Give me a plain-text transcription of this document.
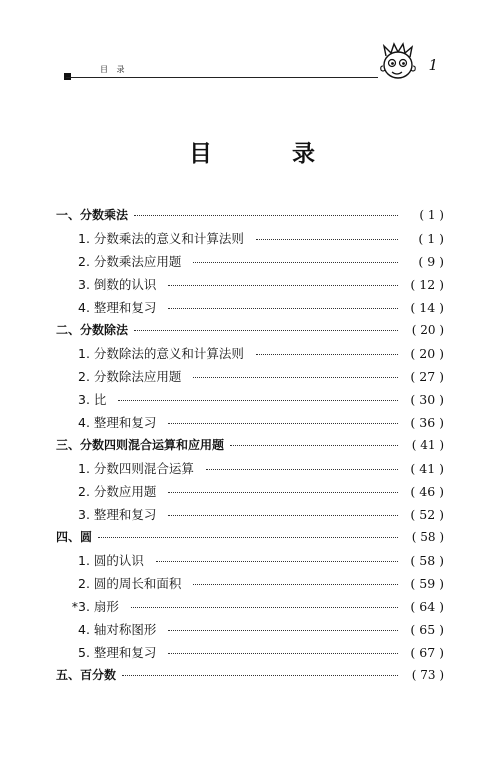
目 录	1
目 录
一、分数乘法	( 1 )
1. 分数乘法的意义和计算法则	( 1 )
2. 分数乘法应用题	( 9 )
3. 倒数的认识	( 12 )
4. 整理和复习	( 14 )
二、分数除法	( 20 )
1. 分数除法的意义和计算法则	( 20 )
2. 分数除法应用题	( 27 )
3. 比	( 30 )
4. 整理和复习	( 36 )
三、分数四则混合运算和应用题	( 41 )
1. 分数四则混合运算	( 41 )
2. 分数应用题	( 46 )
3. 整理和复习	( 52 )
四、圆	( 58 )
1. 圆的认识	( 58 )
2. 圆的周长和面积	( 59 )
* 3. 扇形	( 64 )
4. 轴对称图形	( 65 )
5. 整理和复习	( 67 )
五、百分数	( 73 )
